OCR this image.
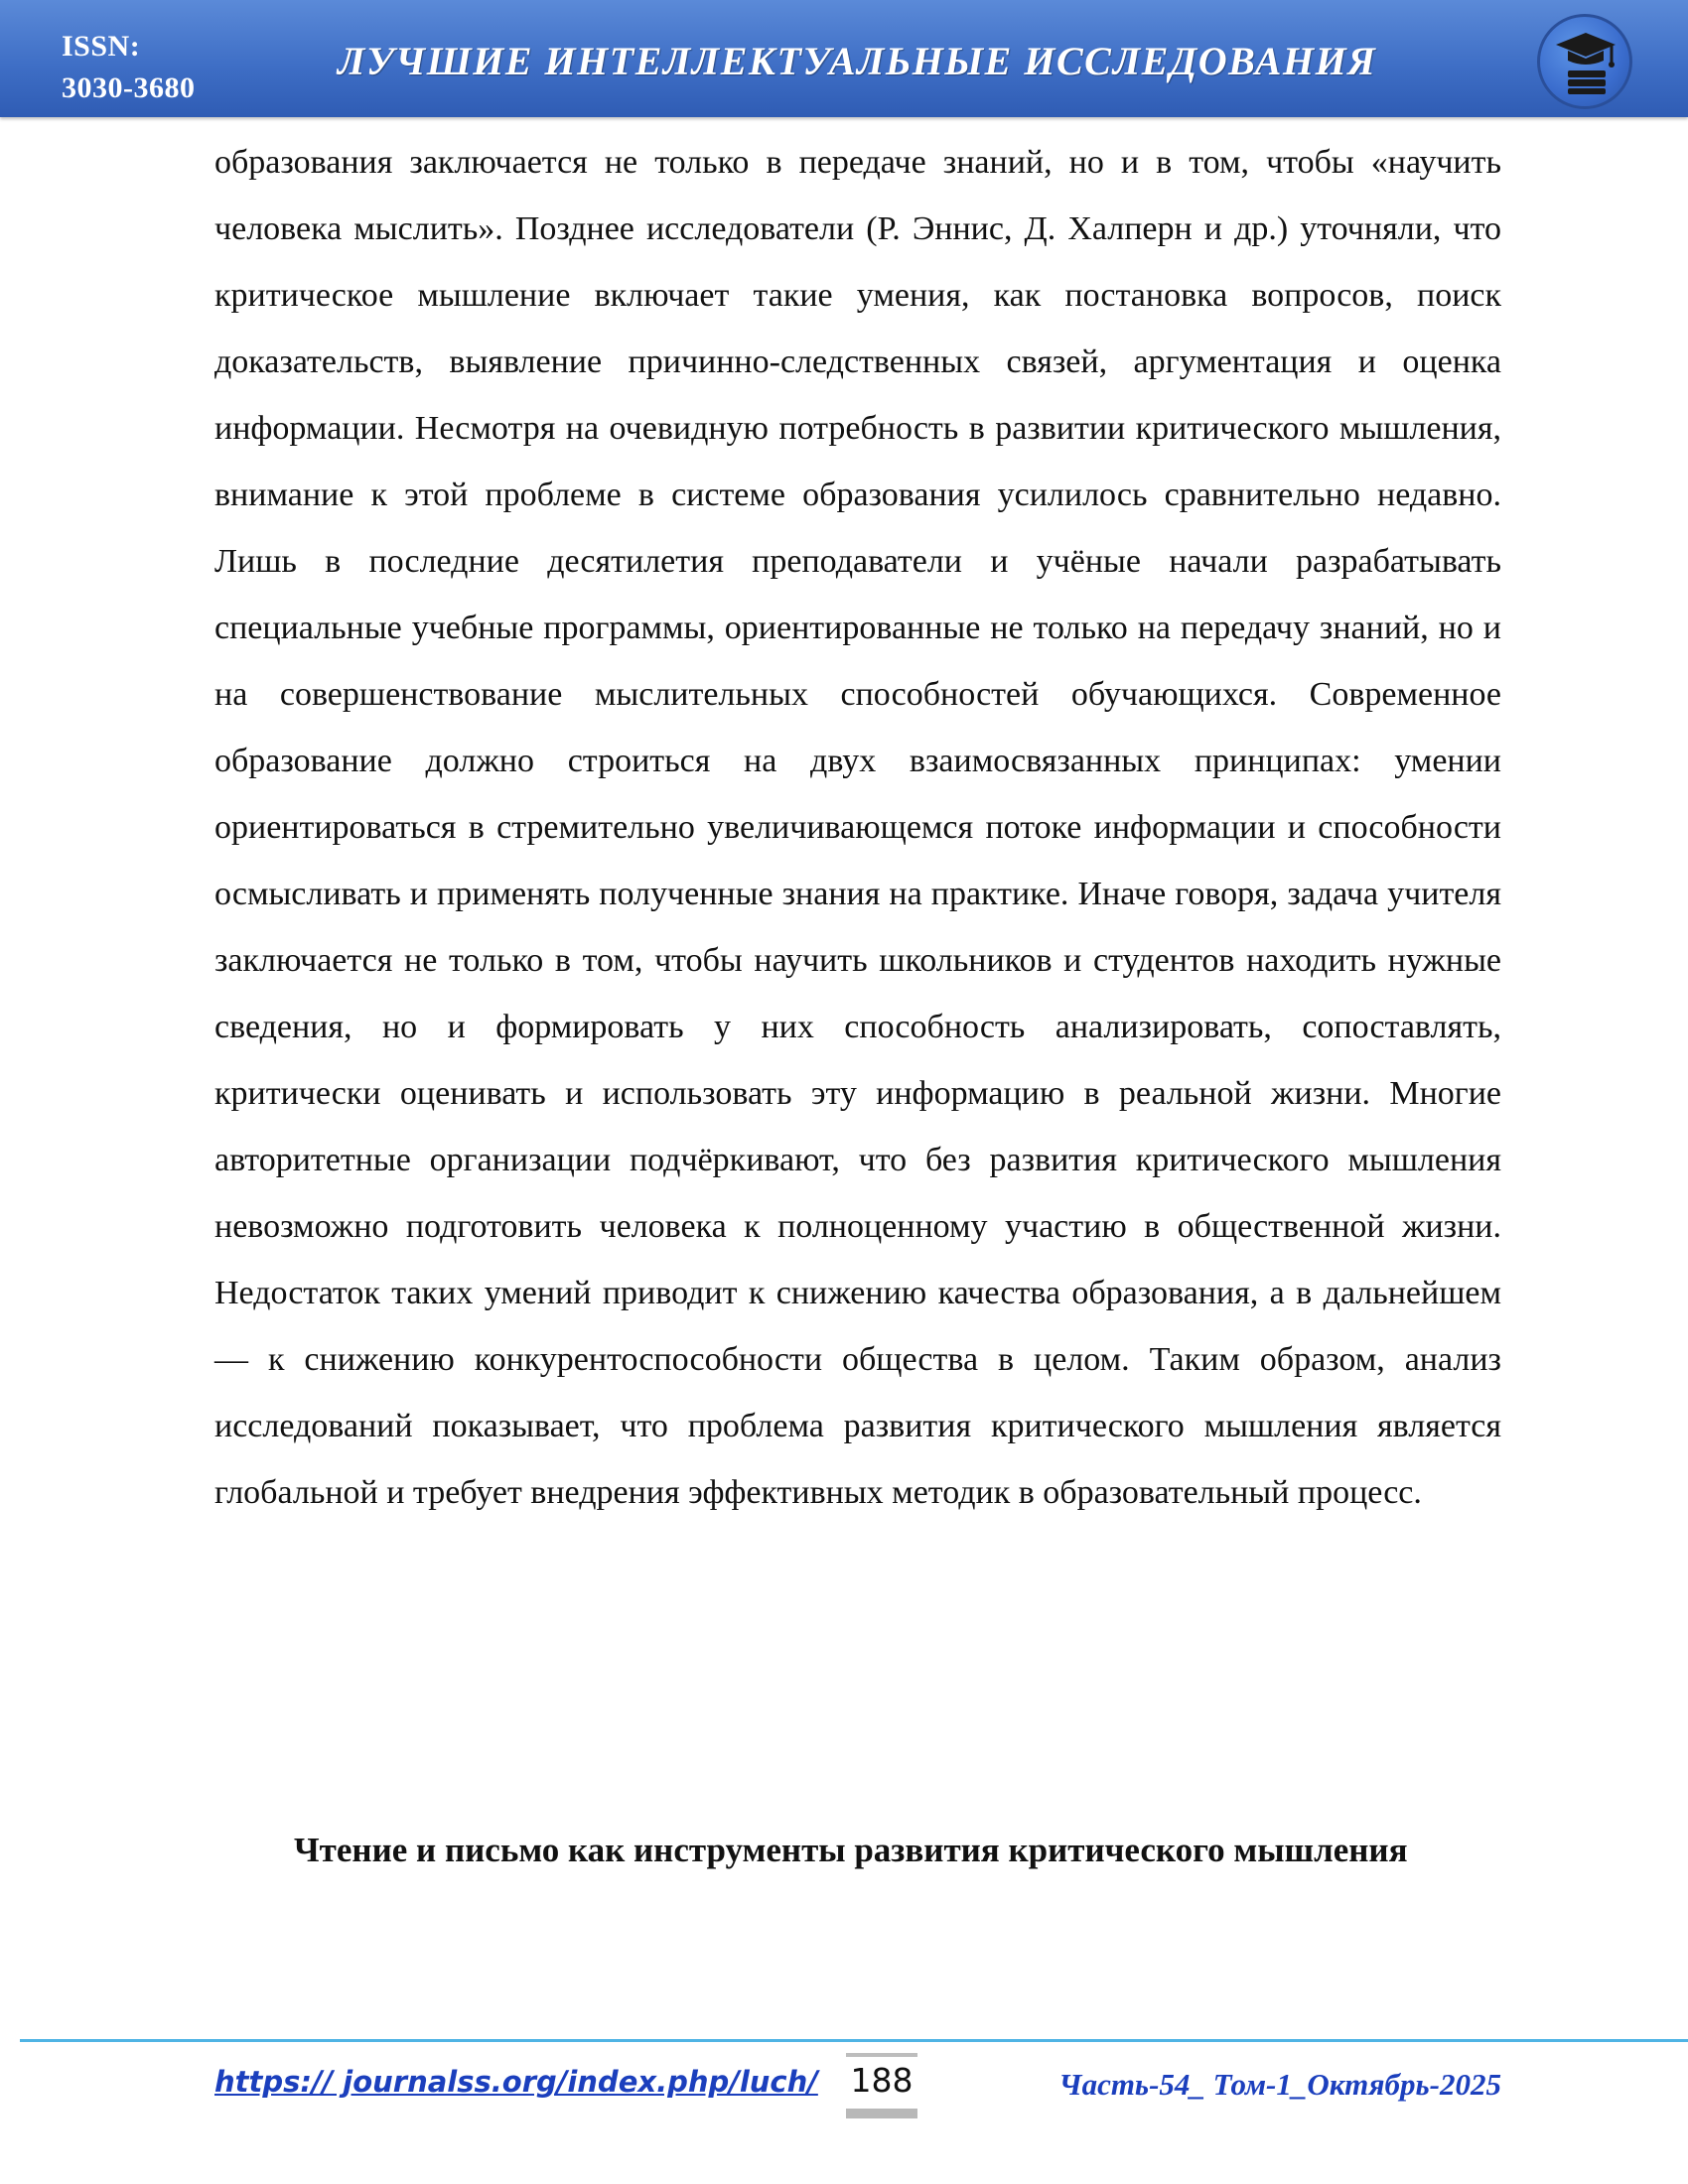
ISSN:
3030-3680
ЛУЧШИЕ ИНТЕЛЛЕКТУАЛЬНЫЕ ИССЛЕДОВАНИЯ

образования заключается не только в передаче знаний, но и в том, чтобы «научить человека мыслить». Позднее исследователи (Р. Эннис, Д. Халперн и др.) уточняли, что критическое мышление включает такие умения, как постановка вопросов, поиск доказательств, выявление причинно-следственных связей, аргументация и оценка информации. Несмотря на очевидную потребность в развитии критического мышления, внимание к этой проблеме в системе образования усилилось сравнительно недавно. Лишь в последние десятилетия преподаватели и учёные начали разрабатывать специальные учебные программы, ориентированные не только на передачу знаний, но и на совершенствование мыслительных способностей обучающихся. Современное образование должно строиться на двух взаимосвязанных принципах: умении ориентироваться в стремительно увеличивающемся потоке информации и способности осмысливать и применять полученные знания на практике. Иначе говоря, задача учителя заключается не только в том, чтобы научить школьников и студентов находить нужные сведения, но и формировать у них способность анализировать, сопоставлять, критически оценивать и использовать эту информацию в реальной жизни. Многие авторитетные организации подчёркивают, что без развития критического мышления невозможно подготовить человека к полноценному участию в общественной жизни. Недостаток таких умений приводит к снижению качества образования, а в дальнейшем — к снижению конкурентоспособности общества в целом. Таким образом, анализ исследований показывает, что проблема развития критического мышления является глобальной и требует внедрения эффективных методик в образовательный процесс.

Чтение и письмо как инструменты развития критического мышления

https:// journalss.org/index.php/luch/ 188	Часть-54_ Том-1_Октябрь-2025
